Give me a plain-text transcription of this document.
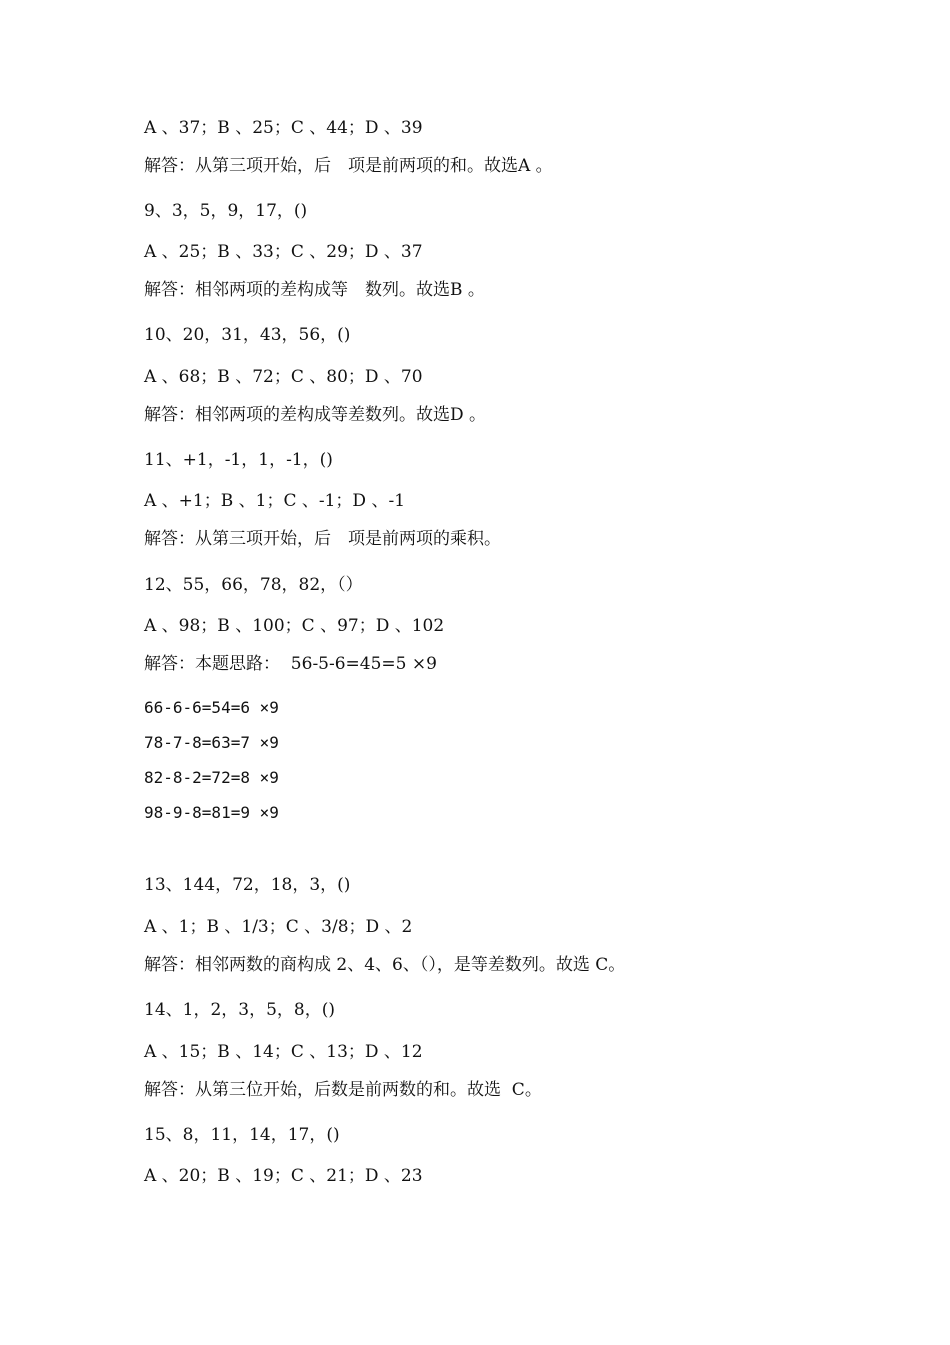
A 、37；B 、25；C 、44；D 、39
解答：从第三项开始，后　项是前两项的和。故选A 。
9、3，5，9，17，()
A 、25；B 、33；C 、29；D 、37
解答：相邻两项的差构成等　数列。故选B 。
10、20，31，43，56，()
A 、68；B 、72；C 、80；D 、70
解答：相邻两项的差构成等差数列。故选D 。
11、+1，-1，1，-1，()
A 、+1；B 、1；C 、-1；D 、-1
解答：从第三项开始，后　项是前两项的乘积。
12、55，66，78，82，（）
A 、98；B 、100；C 、97；D 、102
解答：本题思路：  56-5-6=45=5 ×9
66-6-6=54=6 ×9
78-7-8=63=7 ×9
82-8-2=72=8 ×9
98-9-8=81=9 ×9
13、144，72，18，3，()
A 、1；B 、1/3；C 、3/8；D 、2
解答：相邻两数的商构成 2、4、6、（），是等差数列。故选 C。
14、1，2，3，5，8，()
A 、15；B 、14；C 、13；D 、12
解答：从第三位开始，后数是前两数的和。故选  C。
15、8，11，14，17，()
A 、20；B 、19；C 、21；D 、23
